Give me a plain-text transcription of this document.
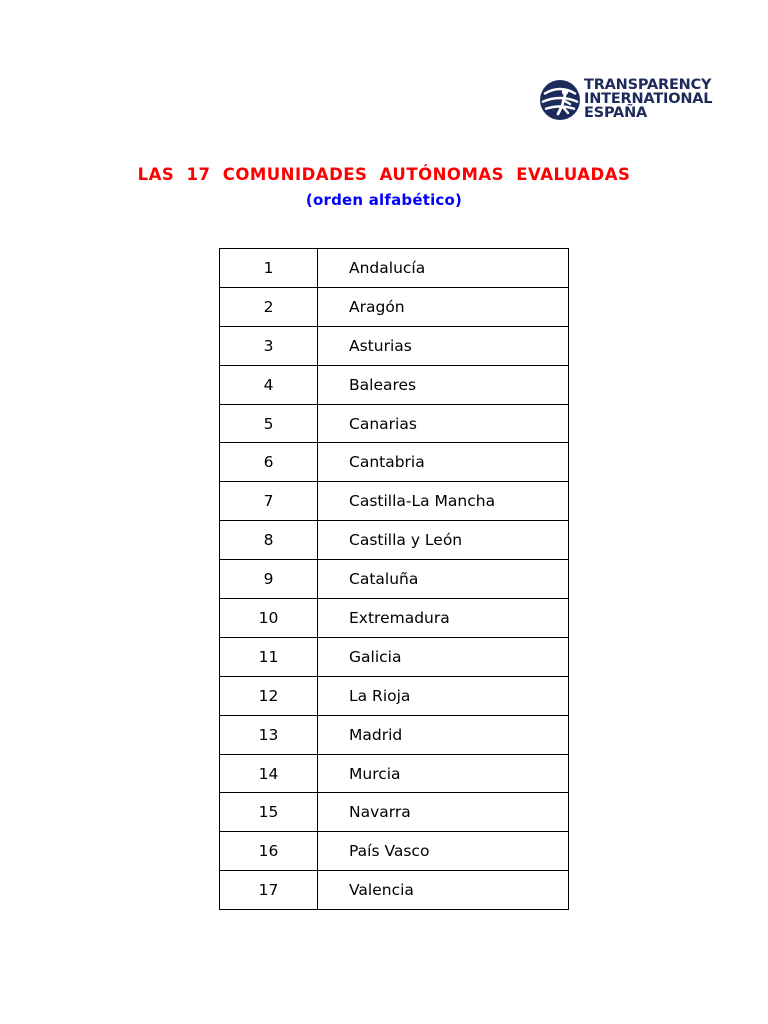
TRANSPARENCY
INTERNATIONAL
ESPAÑA
LAS 17 COMUNIDADES AUTÓNOMAS EVALUADAS
(orden alfabético)
1	Andalucía
2	Aragón
3	Asturias
4	Baleares
5	Canarias
6	Cantabria
7	Castilla-La Mancha
8	Castilla y León
9	Cataluña
10	Extremadura
11	Galicia
12	La Rioja
13	Madrid
14	Murcia
15	Navarra
16	País Vasco
17	Valencia
